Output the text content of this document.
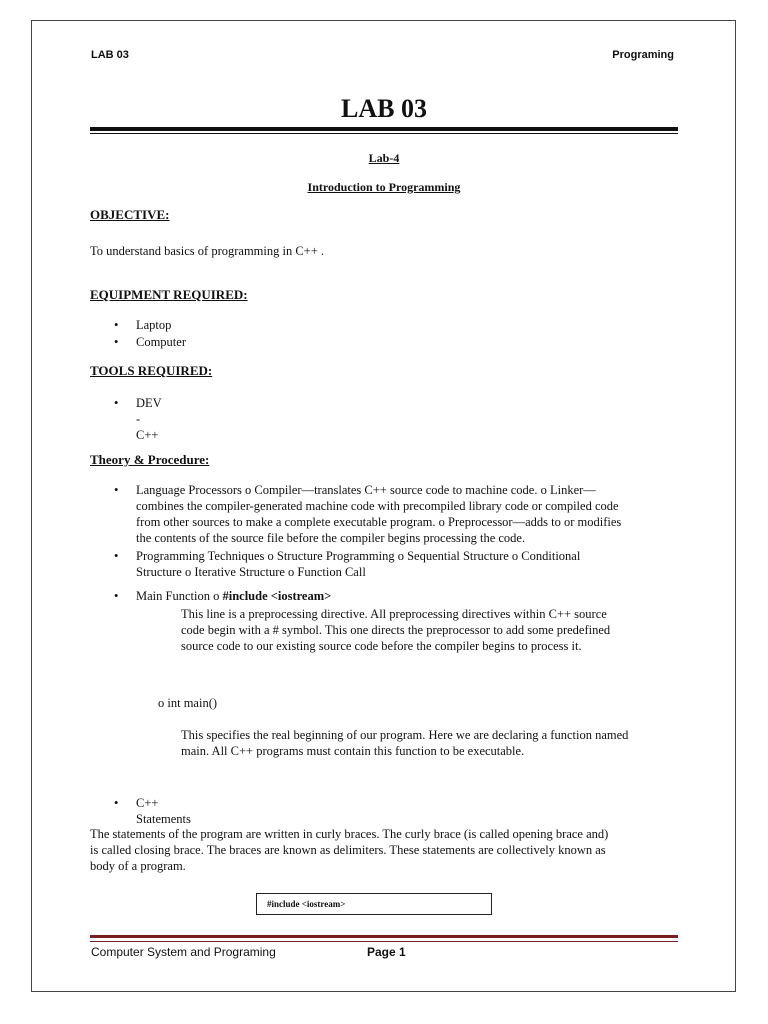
LAB 03	Programing
LAB 03
Lab-4
Introduction to Programming
OBJECTIVE:
To understand basics of programming in C++ .
EQUIPMENT REQUIRED:
• Laptop
• Computer
TOOLS REQUIRED:
• DEV - C++
Theory & Procedure:
• Language Processors o Compiler—translates C++ source code to machine code. o Linker—
combines the compiler-generated machine code with precompiled library code or compiled code
from other sources to make a complete executable program. o Preprocessor—adds to or modifies
the contents of the source file before the compiler begins processing the code.
• Programming Techniques o Structure Programming o Sequential Structure o Conditional
Structure o Iterative Structure o Function Call
• Main Function o #include <iostream>
This line is a preprocessing directive. All preprocessing directives within C++ source
code begin with a # symbol. This one directs the preprocessor to add some predefined
source code to our existing source code before the compiler begins to process it.
o int main()
This specifies the real beginning of our program. Here we are declaring a function named
main. All C++ programs must contain this function to be executable.
• C++ Statements
The statements of the program are written in curly braces. The curly brace (is called opening brace and)
is called closing brace. The braces are known as delimiters. These statements are collectively known as
body of a program.
#include <iostream>
Computer System and Programing	Page 1
